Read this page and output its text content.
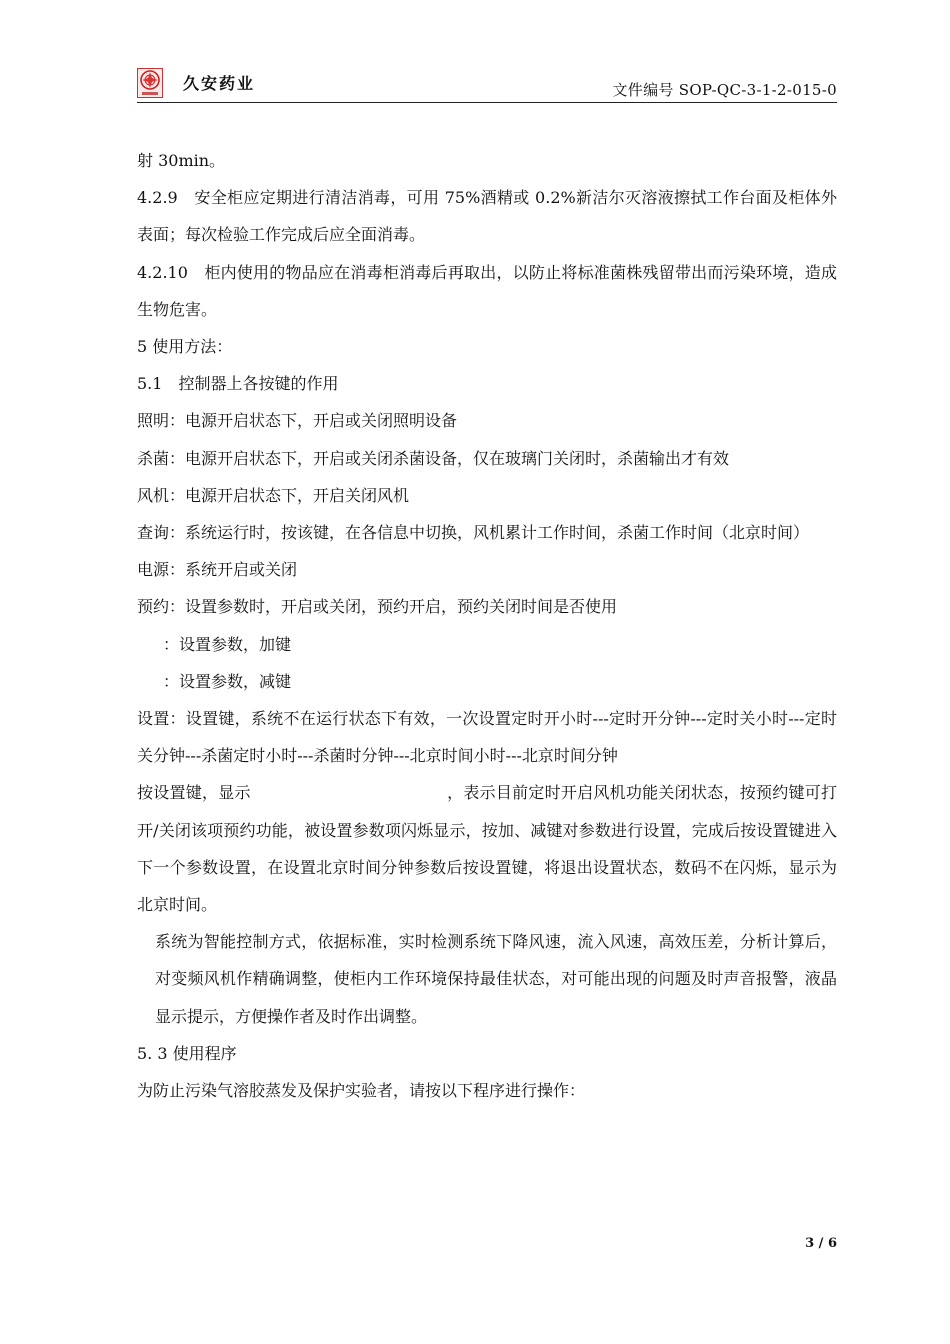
久安药业	文件编号 SOP-QC-3-1-2-015-0

射 30min。

4.2.9　安全柜应定期进行清洁消毒，可用 75%酒精或 0.2%新洁尔灭溶液擦拭工作台面及柜体外表面；每次检验工作完成后应全面消毒。

4.2.10　柜内使用的物品应在消毒柜消毒后再取出，以防止将标准菌株残留带出而污染环境，造成生物危害。

5 使用方法：

5.1　控制器上各按键的作用

照明：电源开启状态下，开启或关闭照明设备

杀菌：电源开启状态下，开启或关闭杀菌设备，仅在玻璃门关闭时，杀菌输出才有效

风机：电源开启状态下，开启关闭风机

查询：系统运行时，按该键，在各信息中切换，风机累计工作时间，杀菌工作时间（北京时间）

电源：系统开启或关闭

预约：设置参数时，开启或关闭，预约开启，预约关闭时间是否使用

：设置参数，加键

：设置参数，减键

设置：设置键，系统不在运行状态下有效，一次设置定时开小时---定时开分钟---定时关小时---定时关分钟---杀菌定时小时---杀菌时分钟---北京时间小时---北京时间分钟

按设置键，显示	，表示目前定时开启风机功能关闭状态，按预约键可打开/关闭该项预约功能，被设置参数项闪烁显示，按加、减键对参数进行设置，完成后按设置键进入下一个参数设置，在设置北京时间分钟参数后按设置键，将退出设置状态，数码不在闪烁，显示为北京时间。

系统为智能控制方式，依据标准，实时检测系统下降风速，流入风速，高效压差，分析计算后，对变频风机作精确调整，使柜内工作环境保持最佳状态，对可能出现的问题及时声音报警，液晶显示提示，方便操作者及时作出调整。

5. 3 使用程序

为防止污染气溶胶蒸发及保护实验者，请按以下程序进行操作：

3 / 6
